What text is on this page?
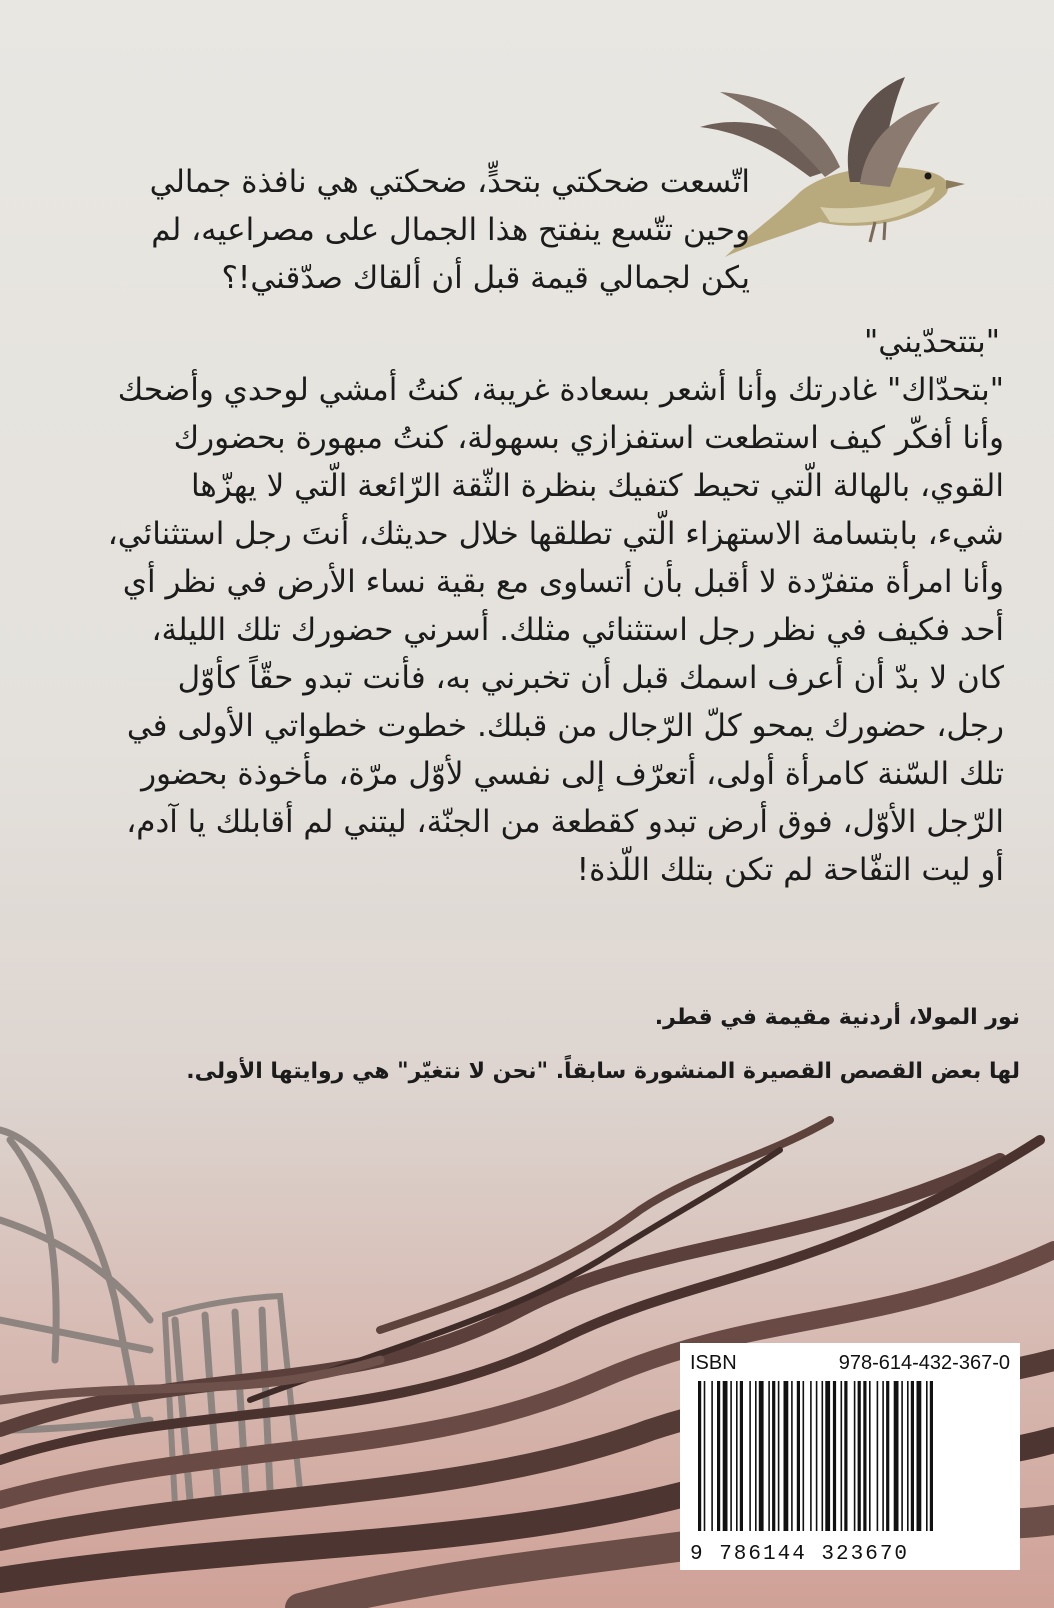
اتّسعت ضحكتي بتحدٍّ، ضحكتي هي نافذة جمالي

وحين تتّسع ينفتح هذا الجمال على مصراعيه، لم

يكن لجمالي قيمة قبل أن ألقاك صدّقني!؟

"بتتحدّيني"

"بتحدّاك" غادرتك وأنا أشعر بسعادة غريبة، كنتُ أمشي لوحدي وأضحك

وأنا أفكّر كيف استطعت استفزازي بسهولة، كنتُ مبهورة بحضورك

القوي، بالهالة الّتي تحيط كتفيك بنظرة الثّقة الرّائعة الّتي لا يهزّها

شيء، بابتسامة الاستهزاء الّتي تطلقها خلال حديثك، أنتَ رجل استثنائي،

وأنا امرأة متفرّدة لا أقبل بأن أتساوى مع بقية نساء الأرض في نظر أي

أحد فكيف في نظر رجل استثنائي مثلك. أسرني حضورك تلك الليلة،

كان لا بدّ أن أعرف اسمك قبل أن تخبرني به، فأنت تبدو حقّاً كأوّل

رجل، حضورك يمحو كلّ الرّجال من قبلك. خطوت خطواتي الأولى في

تلك السّنة كامرأة أولى، أتعرّف إلى نفسي لأوّل مرّة، مأخوذة بحضور

الرّجل الأوّل، فوق أرض تبدو كقطعة من الجنّة، ليتني لم أقابلك يا آدم،

أو ليت التفّاحة لم تكن بتلك اللّذة!

نور المولا، أردنية مقيمة في قطر.
لها بعض القصص القصيرة المنشورة سابقاً. "نحن لا نتغيّر" هي روايتها الأولى.
ISBN	978-614-432-367-0
9 786144 323670
